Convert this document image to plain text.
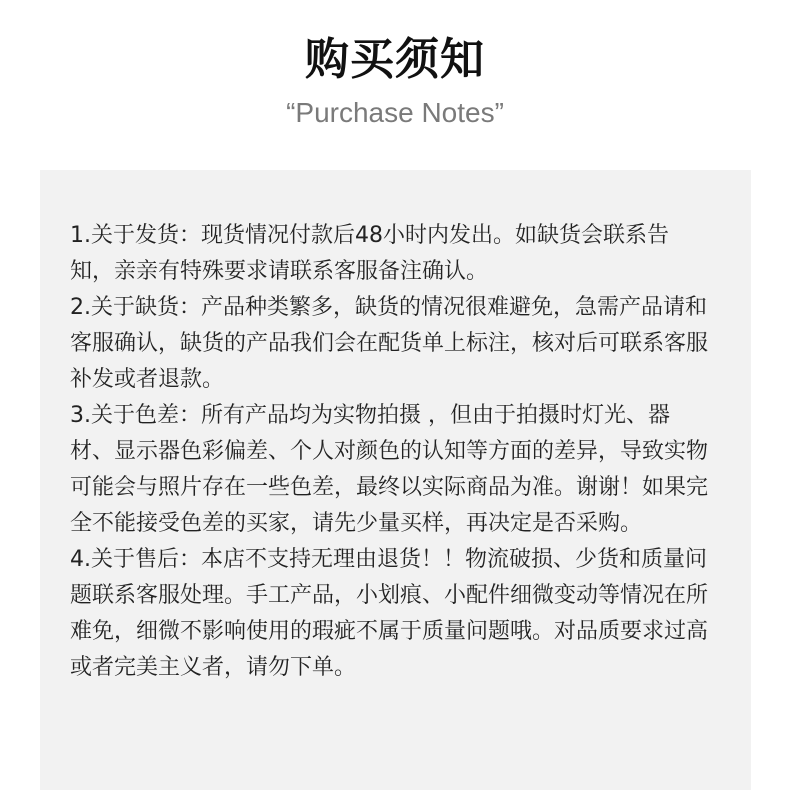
购买须知
“Purchase Notes”

1.关于发货：现货情况付款后48小时内发出。如缺货会联系告知，亲亲有特殊要求请联系客服备注确认。

2.关于缺货：产品种类繁多，缺货的情况很难避免，急需产品请和客服确认，缺货的产品我们会在配货单上标注，核对后可联系客服补发或者退款。

3.关于色差：所有产品均为实物拍摄 ，但由于拍摄时灯光、器材、显示器色彩偏差、个人对颜色的认知等方面的差异，导致实物可能会与照片存在一些色差，最终以实际商品为准。谢谢！如果完全不能接受色差的买家，请先少量买样，再决定是否采购。

4.关于售后：本店不支持无理由退货！！物流破损、少货和质量问题联系客服处理。手工产品，小划痕、小配件细微变动等情况在所难免，细微不影响使用的瑕疵不属于质量问题哦。对品质要求过高或者完美主义者，请勿下单。
